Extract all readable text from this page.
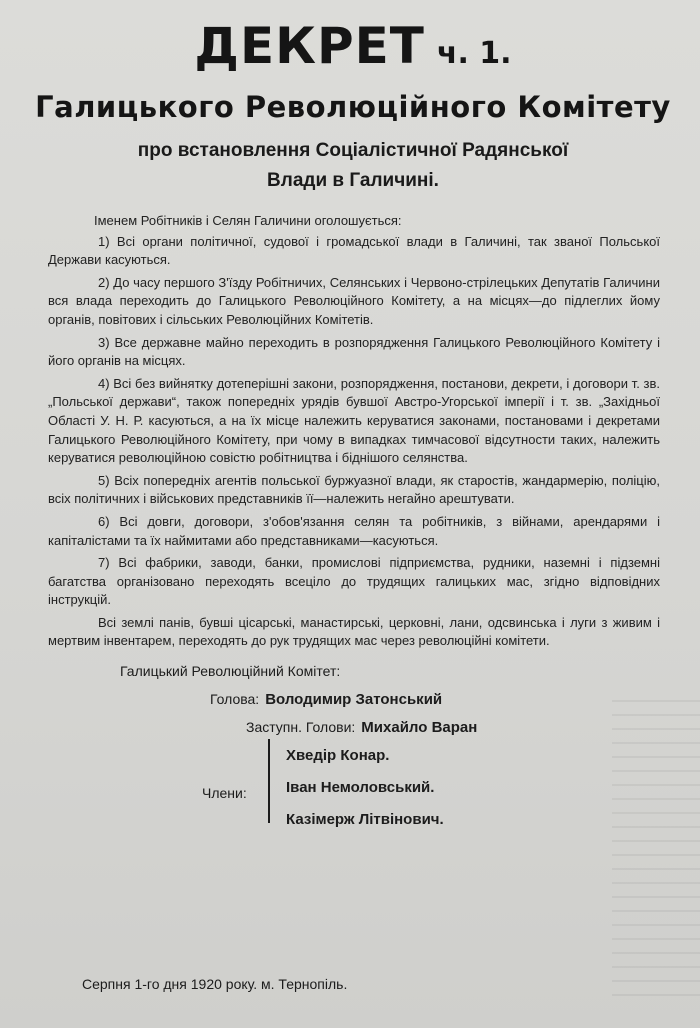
ДЕКРЕТ ч. 1.
Галицького Революційного Комітету
про встановлення Соціалістичної Радянської
Влади в Галичині.

Іменем Робітників і Селян Галичини оголошується:

1) Всі органи політичної, судової і громадської влади в Галичині, так званої Польської Держави касуються.

2) До часу першого З'їзду Робітничих, Селянських і Червоно-стрілецьких Депутатів Галичини вся влада переходить до Галицького Революційного Комітету, а на місцях—до підлеглих йому органів, повітових і сільських Революційних Комітетів.

3) Все державне майно переходить в розпорядження Галицького Революційного Комітету і його органів на місцях.

4) Всі без вийнятку дотеперішні закони, розпорядження, постанови, декрети, і договори т. зв. „Польської держави“, також попередніх урядів бувшої Австро-Угорської імперії і т. зв. „Західньої Області У. Н. Р. касуються, а на їх місце належить керуватися законами, постановами і декретами Галицького Революційного Комітету, при чому в випадках тимчасової відсутности таких, належить керуватися революційною совістю робітництва і біднішого селянства.

5) Всіх попередніх агентів польської буржуазної влади, як старостів, жандармерію, поліцію, всіх політичних і військових представників її—належить негайно арештувати.

6) Всі довги, договори, з'обов'язання селян та робітників, з війнами, арендарями і капіталістами та їх наймитами або представниками—касуються.

7) Всі фабрики, заводи, банки, промислові підприємства, рудники, наземні і підземні багатства організовано переходять всецілo до трудящих галицьких мас, згідно відповідних інструкцій.

Всі землі панів, бувші цісарські, манастирські, церковні, лани, одсвинська і луги з живим і мертвим інвентарем, переходять до рук трудящих мас через революційні комітети.

Галицький Революційний Комітет:
Голова: Володимир Затонський
Заступн. Голови: Михайло Варан
Члени:
Хведір Конар.
Іван Немоловський.
Казімерж Літвінович.
Серпня 1-го дня 1920 року. м. Тернопіль.
